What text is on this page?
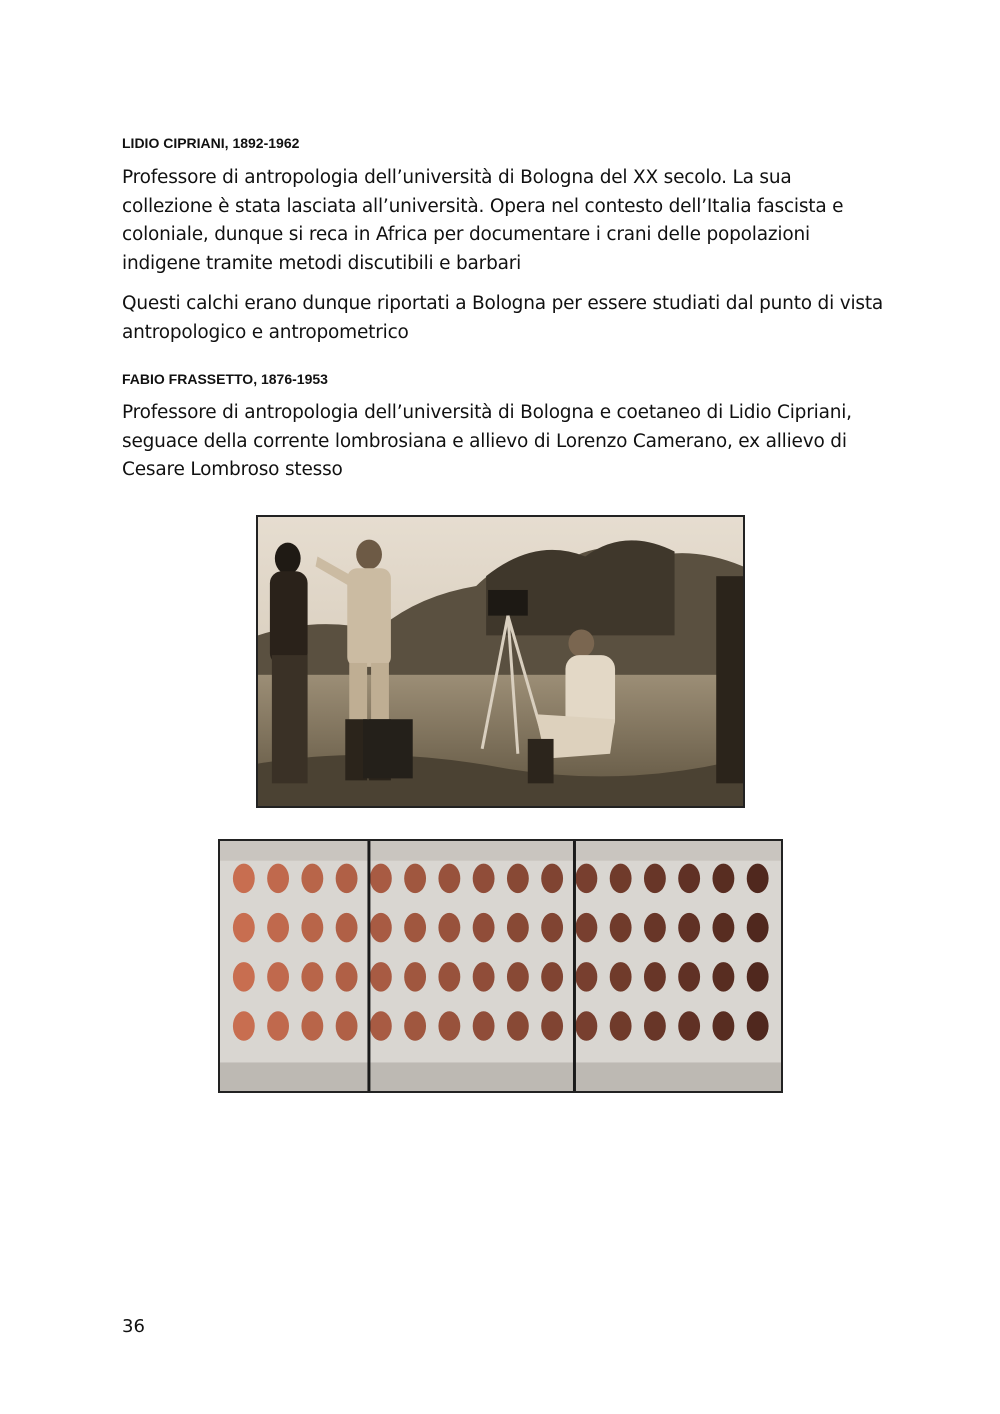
LIDIO CIPRIANI, 1892-1962
Professore di antropologia dell’università di Bologna del XX secolo. La sua
collezione è stata lasciata all’università. Opera nel contesto dell’Italia fascista e
coloniale, dunque si reca in Africa per documentare i crani delle popolazioni
indigene tramite metodi discutibili e barbari
Questi calchi erano dunque riportati a Bologna per essere studiati dal punto di vista
antropologico e antropometrico
FABIO FRASSETTO, 1876-1953
Professore di antropologia dell’università di Bologna e coetaneo di Lidio Cipriani,
seguace della corrente lombrosiana e allievo di Lorenzo Camerano, ex allievo di
Cesare Lombroso stesso
36
